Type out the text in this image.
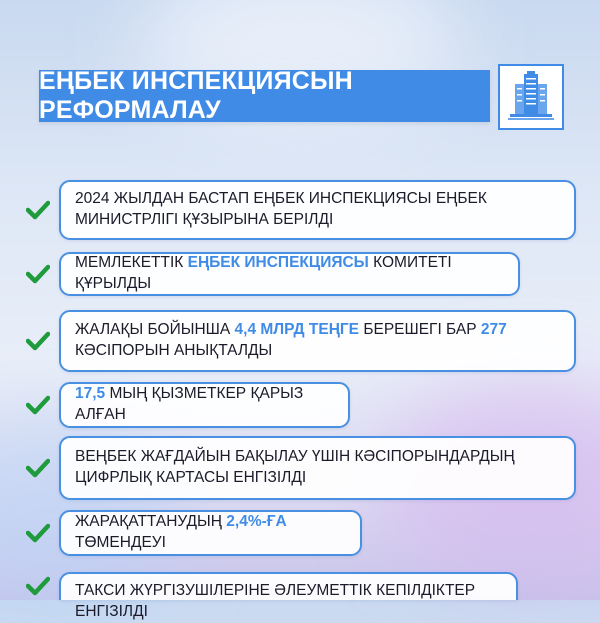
ЕҢБЕК ИНСПЕКЦИЯСЫН РЕФОРМАЛАУ
2024 ЖЫЛДАН БАСТАП ЕҢБЕК ИНСПЕКЦИЯСЫ ЕҢБЕК МИНИСТРЛІГІ ҚҰЗЫРЫНА БЕРІЛДІ
МЕМЛЕКЕТТІК ЕҢБЕК ИНСПЕКЦИЯСЫ КОМИТЕТІ ҚҰРЫЛДЫ
ЖАЛАҚЫ БОЙЫНША 4,4 МЛРД ТЕҢГЕ БЕРЕШЕГІ БАР 277 КӘСІПОРЫН АНЫҚТАЛДЫ
17,5 МЫҢ ҚЫЗМЕТКЕР ҚАРЫЗ АЛҒАН
ВЕҢБЕК ЖАҒДАЙЫН БАҚЫЛАУ ҮШІН КӘСІПОРЫНДАРДЫҢ ЦИФРЛЫҚ КАРТАСЫ ЕНГІЗІЛДІ
ЖАРАҚАТТАНУДЫҢ 2,4%-ҒА ТӨМЕНДЕУІ
ТАКСИ ЖҮРГІЗУШІЛЕРІНЕ ӘЛЕУМЕТТІК КЕПІЛДІКТЕР ЕНГІЗІЛДІ
